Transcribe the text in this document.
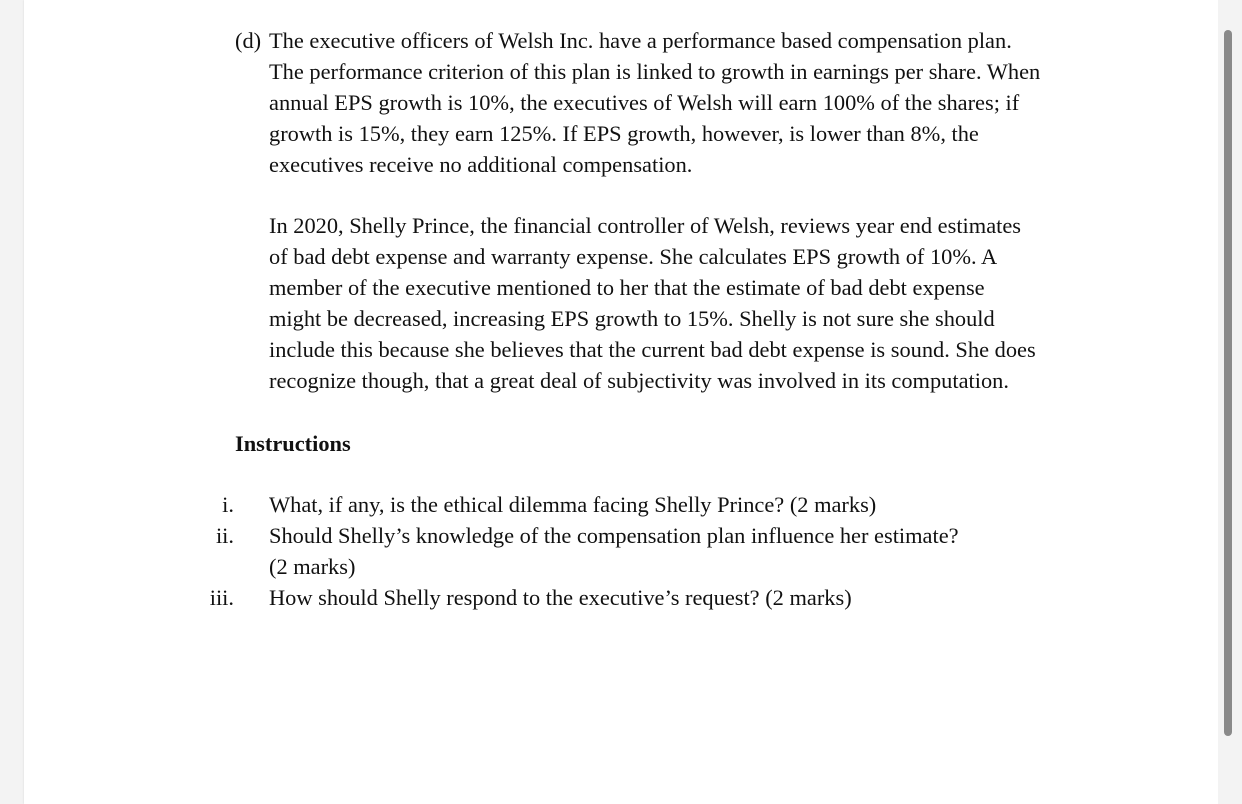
(d) The executive officers of Welsh Inc. have a performance based compensation plan.
The performance criterion of this plan is linked to growth in earnings per share. When
annual EPS growth is 10%, the executives of Welsh will earn 100% of the shares; if
growth is 15%, they earn 125%. If EPS growth, however, is lower than 8%, the
executives receive no additional compensation.
In 2020, Shelly Prince, the financial controller of Welsh, reviews year end estimates
of bad debt expense and warranty expense. She calculates EPS growth of 10%. A
member of the executive mentioned to her that the estimate of bad debt expense
might be decreased, increasing EPS growth to 15%. Shelly is not sure she should
include this because she believes that the current bad debt expense is sound. She does
recognize though, that a great deal of subjectivity was involved in its computation.
Instructions
i. What, if any, is the ethical dilemma facing Shelly Prince? (2 marks)
ii. Should Shelly’s knowledge of the compensation plan influence her estimate?
(2 marks)
iii. How should Shelly respond to the executive’s request? (2 marks)
